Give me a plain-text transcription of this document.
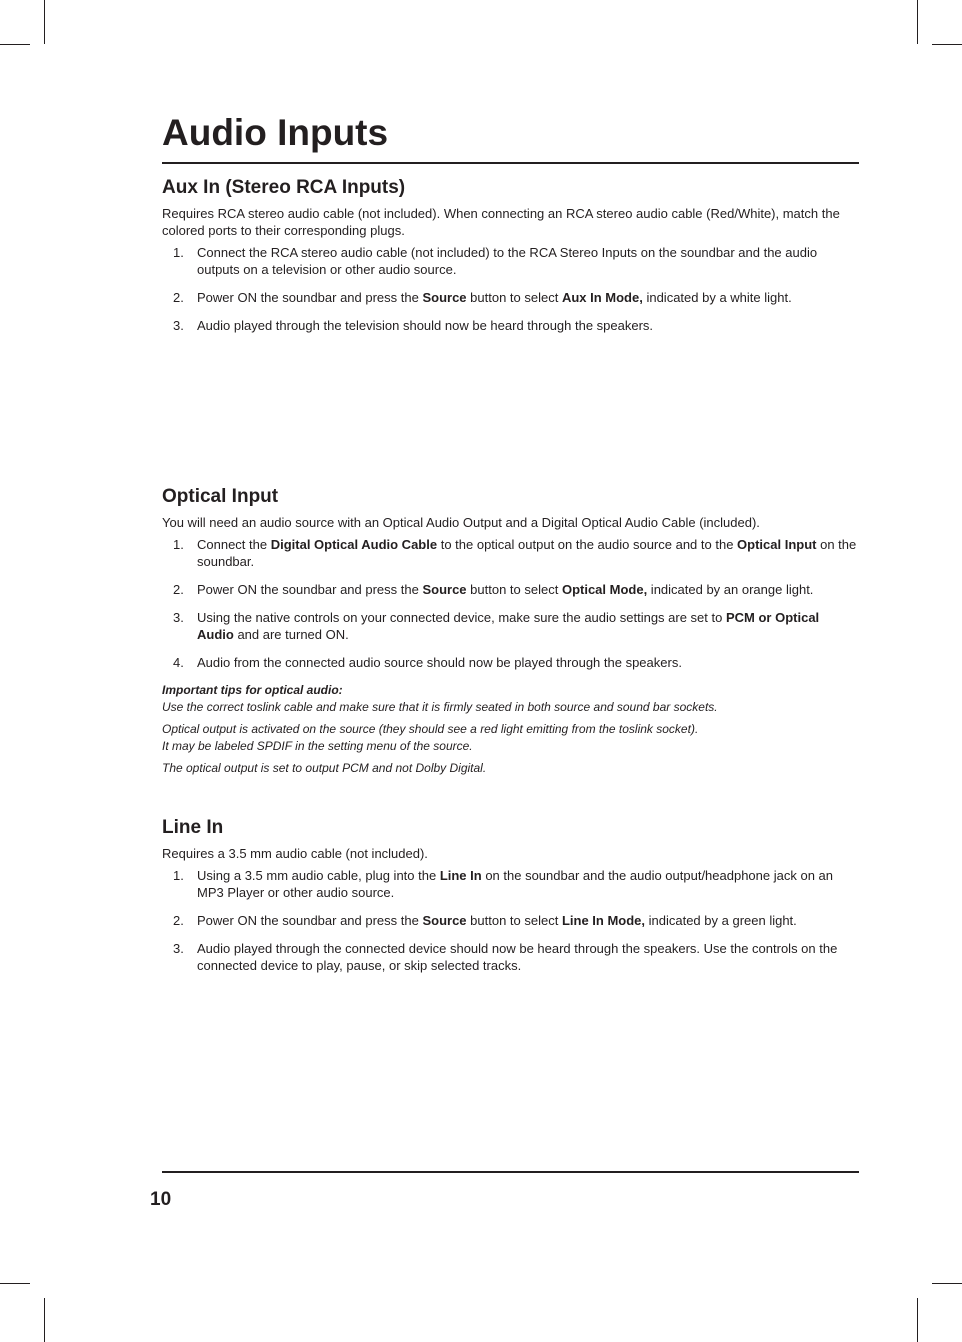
Audio Inputs
Aux In (Stereo RCA Inputs)

Requires RCA stereo audio cable (not included). When connecting an RCA stereo audio cable (Red/White), match the colored ports to their corresponding plugs.

1. Connect the RCA stereo audio cable (not included) to the RCA Stereo Inputs on the soundbar and the audio outputs on a television or other audio source.
2. Power ON the soundbar and press the Source button to select Aux In Mode, indicated by a white light.
3. Audio played through the television should now be heard through the speakers.
Optical Input

You will need an audio source with an Optical Audio Output and a Digital Optical Audio Cable (included).

1. Connect the Digital Optical Audio Cable to the optical output on the audio source and to the Optical Input on the soundbar.
2. Power ON the soundbar and press the Source button to select Optical Mode, indicated by an orange light.
3. Using the native controls on your connected device, make sure the audio settings are set to PCM or Optical Audio and are turned ON.
4. Audio from the connected audio source should now be played through the speakers.

Important tips for optical audio:
Use the correct toslink cable and make sure that it is firmly seated in both source and sound bar sockets.

Optical output is activated on the source (they should see a red light emitting from the toslink socket).
It may be labeled SPDIF in the setting menu of the source.

The optical output is set to output PCM and not Dolby Digital.

Line In

Requires a 3.5 mm audio cable (not included).

1. Using a 3.5 mm audio cable, plug into the Line In on the soundbar and the audio output/headphone jack on an MP3 Player or other audio source.
2. Power ON the soundbar and press the Source button to select Line In Mode, indicated by a green light.
3. Audio played through the connected device should now be heard through the speakers. Use the controls on the connected device to play, pause, or skip selected tracks.
10
